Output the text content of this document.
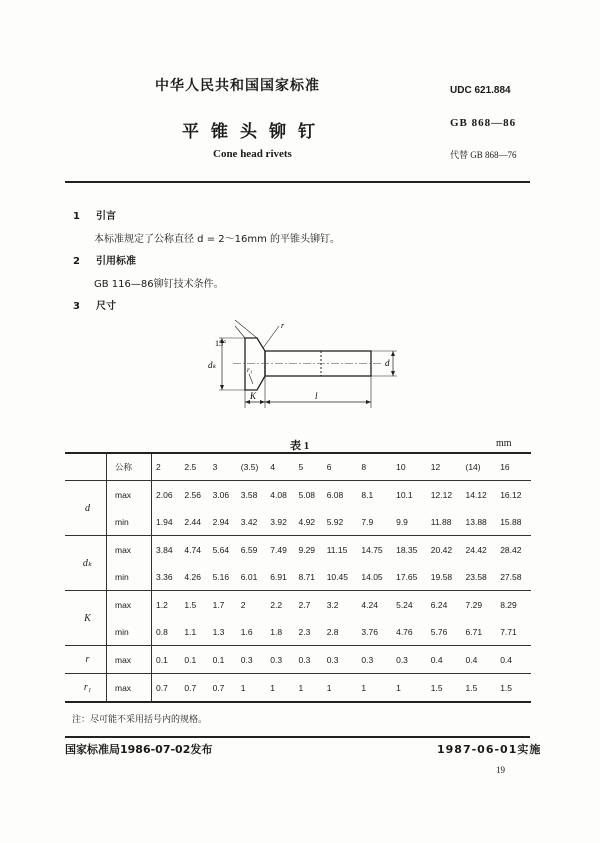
中华人民共和国国家标准
平锥头铆钉
Cone head rivets
UDC 621.884
GB 868—86
代替 GB 868—76
1 引言
本标准规定了公称直径 d = 2～16mm 的平锥头铆钉。
2 引用标准
GB 116—86铆钉技术条件。
3 尺寸
15°
r
r₁
dₖ	d
K	l
表 1	mm
	公称	2	2.5	3	(3.5)	4	5	6	8	10	12	(14)	16
d	max	2.06	2.56	3.06	3.58	4.08	5.08	6.08	8.1	10.1	12.12	14.12	16.12
	min	1.94	2.44	2.94	3.42	3.92	4.92	5.92	7.9	9.9	11.88	13.88	15.88
dₖ	max	3.84	4.74	5.64	6.59	7.49	9.29	11.15	14.75	18.35	20.42	24.42	28.42
	min	3.36	4.26	5.16	6.01	6.91	8.71	10.45	14.05	17.65	19.58	23.58	27.58
K	max	1.2	1.5	1.7	2	2.2	2.7	3.2	4.24	5.24	6.24	7.29	8.29
	min	0.8	1.1	1.3	1.6	1.8	2.3	2.8	3.76	4.76	5.76	6.71	7.71
r	max	0.1	0.1	0.1	0.3	0.3	0.3	0.3	0.3	0.3	0.4	0.4	0.4
r₁	max	0.7	0.7	0.7	1	1	1	1	1	1	1.5	1.5	1.5
注：尽可能不采用括号内的规格。
国家标准局1986-07-02发布	1987-06-01实施
19
